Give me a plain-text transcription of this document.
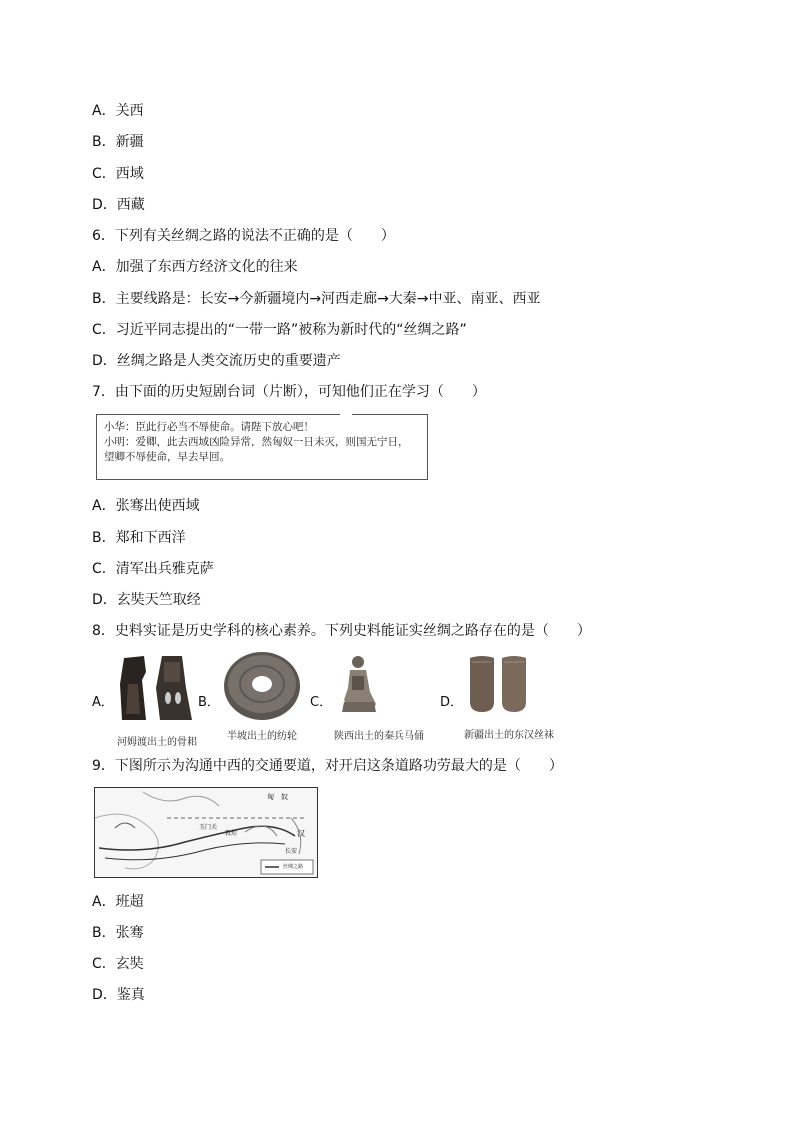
A．关西
B．新疆
C．西域
D．西藏
6．下列有关丝绸之路的说法不正确的是（　　）
A．加强了东西方经济文化的往来
B．主要线路是：长安→今新疆境内→河西走廊→大秦→中亚、南亚、西亚
C．习近平同志提出的“一带一路”被称为新时代的“丝绸之路”
D．丝绸之路是人类交流历史的重要遗产
7．由下面的历史短剧台词（片断），可知他们正在学习（　　）
小华：臣此行必当不辱使命。请陛下放心吧！
小明：爱卿，此去西域凶险异常，然匈奴一日未灭，则国无宁日，
望卿不辱使命，早去早回。
A．张骞出使西域
B．郑和下西洋
C．清军出兵雅克萨
D．玄奘天竺取经
8．史料实证是历史学科的核心素养。下列史料能证实丝绸之路存在的是（　　）
A．
河姆渡出土的骨耜
B．
半坡出土的纺轮
C．
陕西出土的秦兵马俑
D．
新疆出土的东汉丝袜
9．下图所示为沟通中西的交通要道，对开启这条道路功劳最大的是（　　）
匈　奴
汉
长安
敦煌
玉门关
丝绸之路
A．班超
B．张骞
C．玄奘
D．鉴真
